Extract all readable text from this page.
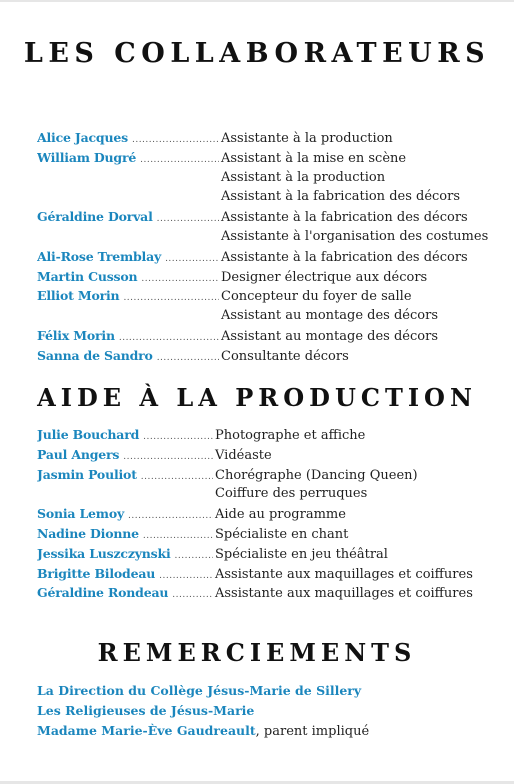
LES COLLABORATEURS
Alice Jacques .....	Assistante à la production
William Dugré .....	Assistant à la mise en scène
Assistant à la production
Assistant à la fabrication des décors
Géraldine Dorval .....	Assistante à la fabrication des décors
Assistante à l'organisation des costumes
Ali-Rose Tremblay .....	Assistante à la fabrication des décors
Martin Cusson .....	Designer électrique aux décors
Elliot Morin .....	Concepteur du foyer de salle
Assistant au montage des décors
Félix Morin .....	Assistant au montage des décors
Sanna de Sandro .....	Consultante décors
AIDE À LA PRODUCTION
Julie Bouchard .....	Photographe et affiche
Paul Angers .....	Vidéaste
Jasmin Pouliot .....	Chorégraphe (Dancing Queen)
Coiffure des perruques
Sonia Lemoy .....	Aide au programme
Nadine Dionne .....	Spécialiste en chant
Jessika Luszczynski .....	Spécialiste en jeu théâtral
Brigitte Bilodeau .....	Assistante aux maquillages et coiffures
Géraldine Rondeau .....	Assistante aux maquillages et coiffures
REMERCIEMENTS
La Direction du Collège Jésus-Marie de Sillery
Les Religieuses de Jésus-Marie
Madame Marie-Ève Gaudreault , parent impliqué
